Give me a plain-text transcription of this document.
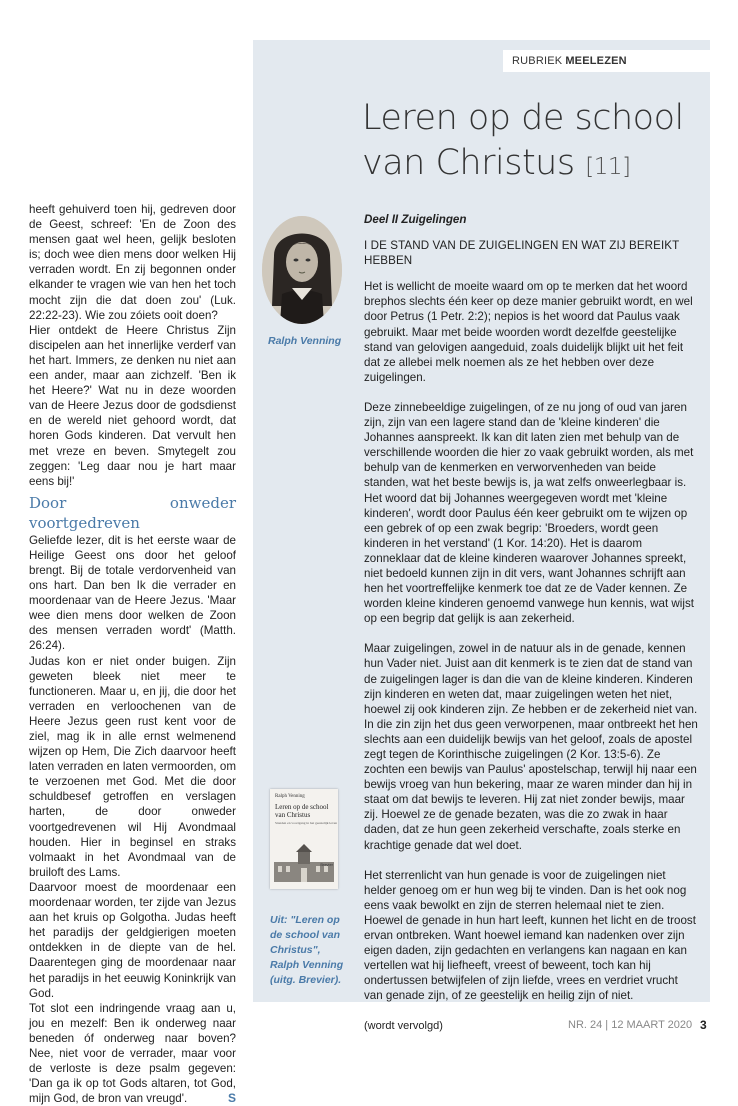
RUBRIEK MEELEZEN
Leren op de school
van Christus [11]

heeft gehuiverd toen hij, gedreven door de Geest, schreef: 'En de Zoon des mensen gaat wel heen, gelijk besloten is; doch wee dien mens door welken Hij verraden wordt. En zij begonnen onder elkander te vragen wie van hen het toch mocht zijn die dat doen zou' (Luk. 22:22-23). Wie zou zóiets ooit doen?

Hier ontdekt de Heere Christus Zijn discipelen aan het innerlijke verderf van het hart. Immers, ze denken nu niet aan een ander, maar aan zichzelf. 'Ben ik het Heere?' Wat nu in deze woorden van de Heere Jezus door de godsdienst en de wereld niet gehoord wordt, dat horen Gods kinderen. Dat vervult hen met vreze en beven. Smytegelt zou zeggen: 'Leg daar nou je hart maar eens bij!'

Door onweder voortgedreven

Geliefde lezer, dit is het eerste waar de Heilige Geest ons door het geloof brengt. Bij de totale verdorvenheid van ons hart. Dan ben Ik die verrader en moordenaar van de Heere Jezus. 'Maar wee dien mens door welken de Zoon des mensen verraden wordt' (Matth. 26:24).

Judas kon er niet onder buigen. Zijn geweten bleek niet meer te functioneren. Maar u, en jij, die door het verraden en verloochenen van de Heere Jezus geen rust kent voor de ziel, mag ik in alle ernst welmenend wijzen op Hem, Die Zich daarvoor heeft laten verraden en laten vermoorden, om te verzoenen met God. Met die door schuldbesef getroffen en verslagen harten, de door onweder voortgedrevenen wil Hij Avondmaal houden. Hier in beginsel en straks volmaakt in het Avondmaal van de bruiloft des Lams.

Daarvoor moest de moordenaar een moordenaar worden, ter zijde van Jezus aan het kruis op Golgotha. Judas heeft het paradijs der geldgierigen moeten ontdekken in de diepte van de hel. Daarentegen ging de moordenaar naar het paradijs in het eeuwig Koninkrijk van God.

Tot slot een indringende vraag aan u, jou en mezelf: Ben ik onderweg naar beneden óf onderweg naar boven? Nee, niet voor de verrader, maar voor de verloste is deze psalm gegeven: 'Dan ga ik op tot Gods altaren, tot God, mijn God, de bron van vreugd'.	S

Ralph Venning
Ralph Venning
Leren op de school van Christus
Standen en voortgang in het geestelijk leven
Brevier
Uit: "Leren op de school van Christus", Ralph Venning (uitg. Brevier).

Deel II Zuigelingen

I DE STAND VAN DE ZUIGELINGEN EN WAT ZIJ BEREIKT HEBBEN

Het is wellicht de moeite waard om op te merken dat het woord brephos slechts één keer op deze manier gebruikt wordt, en wel door Petrus (1 Petr. 2:2); nepios is het woord dat Paulus vaak gebruikt. Maar met beide woorden wordt dezelfde geestelijke stand van gelovigen aangeduid, zoals duidelijk blijkt uit het feit dat ze allebei melk noemen als ze het hebben over deze zuigelingen.

Deze zinnebeeldige zuigelingen, of ze nu jong of oud van jaren zijn, zijn van een lagere stand dan de 'kleine kinderen' die Johannes aanspreekt. Ik kan dit laten zien met behulp van de verschillende woorden die hier zo vaak gebruikt worden, als met behulp van de kenmerken en verworvenheden van beide standen, wat het beste bewijs is, ja wat zelfs onweerlegbaar is.

Het woord dat bij Johannes weergegeven wordt met 'kleine kinderen', wordt door Paulus één keer gebruikt om te wijzen op een gebrek of op een zwak begrip: 'Broeders, wordt geen kinderen in het verstand' (1 Kor. 14:20). Het is daarom zonneklaar dat de kleine kinderen waarover Johannes spreekt, niet bedoeld kunnen zijn in dit vers, want Johannes schrijft aan hen het voortreffelijke kenmerk toe dat ze de Vader kennen. Ze worden kleine kinderen genoemd vanwege hun kennis, wat wijst op een begrip dat gelijk is aan zekerheid.

Maar zuigelingen, zowel in de natuur als in de genade, kennen hun Vader niet. Juist aan dit kenmerk is te zien dat de stand van de zuigelingen lager is dan die van de kleine kinderen. Kinderen zijn kinderen en weten dat, maar zuigelingen weten het niet, hoewel zij ook kinderen zijn. Ze hebben er de zekerheid niet van. In die zin zijn het dus geen verworpenen, maar ontbreekt het hen slechts aan een duidelijk bewijs van het geloof, zoals de apostel zegt tegen de Korinthische zuigelingen (2 Kor. 13:5-6). Ze zochten een bewijs van Paulus' apostelschap, terwijl hij naar een bewijs vroeg van hun bekering, maar ze waren minder dan hij in staat om dat bewijs te leveren. Hij zat niet zonder bewijs, maar zij. Hoewel ze de genade bezaten, was die zo zwak in haar daden, dat ze hun geen zekerheid verschafte, zoals sterke en krachtige genade dat wel doet.

Het sterrenlicht van hun genade is voor de zuigelingen niet helder genoeg om er hun weg bij te vinden. Dan is het ook nog eens vaak bewolkt en zijn de sterren helemaal niet te zien. Hoewel de genade in hun hart leeft, kunnen het licht en de troost ervan ontbreken. Want hoewel iemand kan nadenken over zijn eigen daden, zijn gedachten en verlangens kan nagaan en kan vertellen wat hij liefheeft, vreest of beweent, toch kan hij ondertussen betwijfelen of zijn liefde, vrees en verdriet vrucht van genade zijn, of ze geestelijk en heilig zijn of niet.

(wordt vervolgd)	NR. 24 | 12 MAART 2020 3
